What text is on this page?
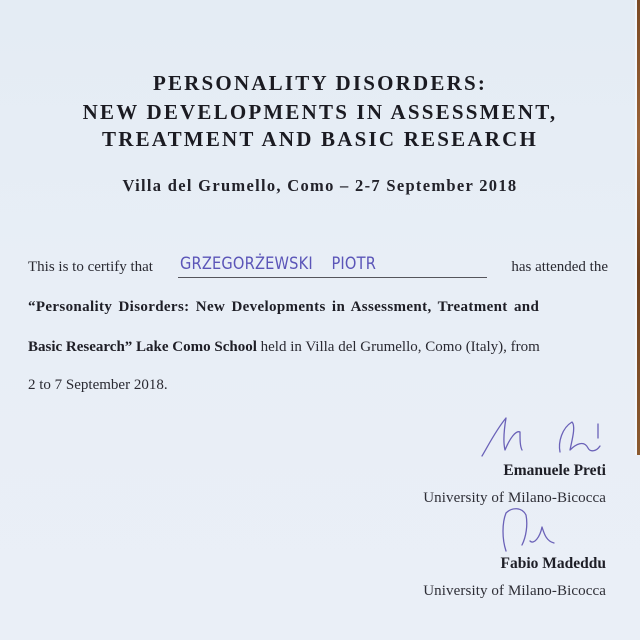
PERSONALITY DISORDERS:
NEW DEVELOPMENTS IN ASSESSMENT,
TREATMENT AND BASIC RESEARCH
Villa del Grumello, Como – 2-7 September 2018
This is to certify that GRZEGORŻEWSKI PIOTR	has attended the
“Personality Disorders: New Developments in Assessment, Treatment and
Basic Research” Lake Como School held in Villa del Grumello, Como (Italy), from
2 to 7 September 2018.
Emanuele Preti
University of Milano-Bicocca
Fabio Madeddu
University of Milano-Bicocca
